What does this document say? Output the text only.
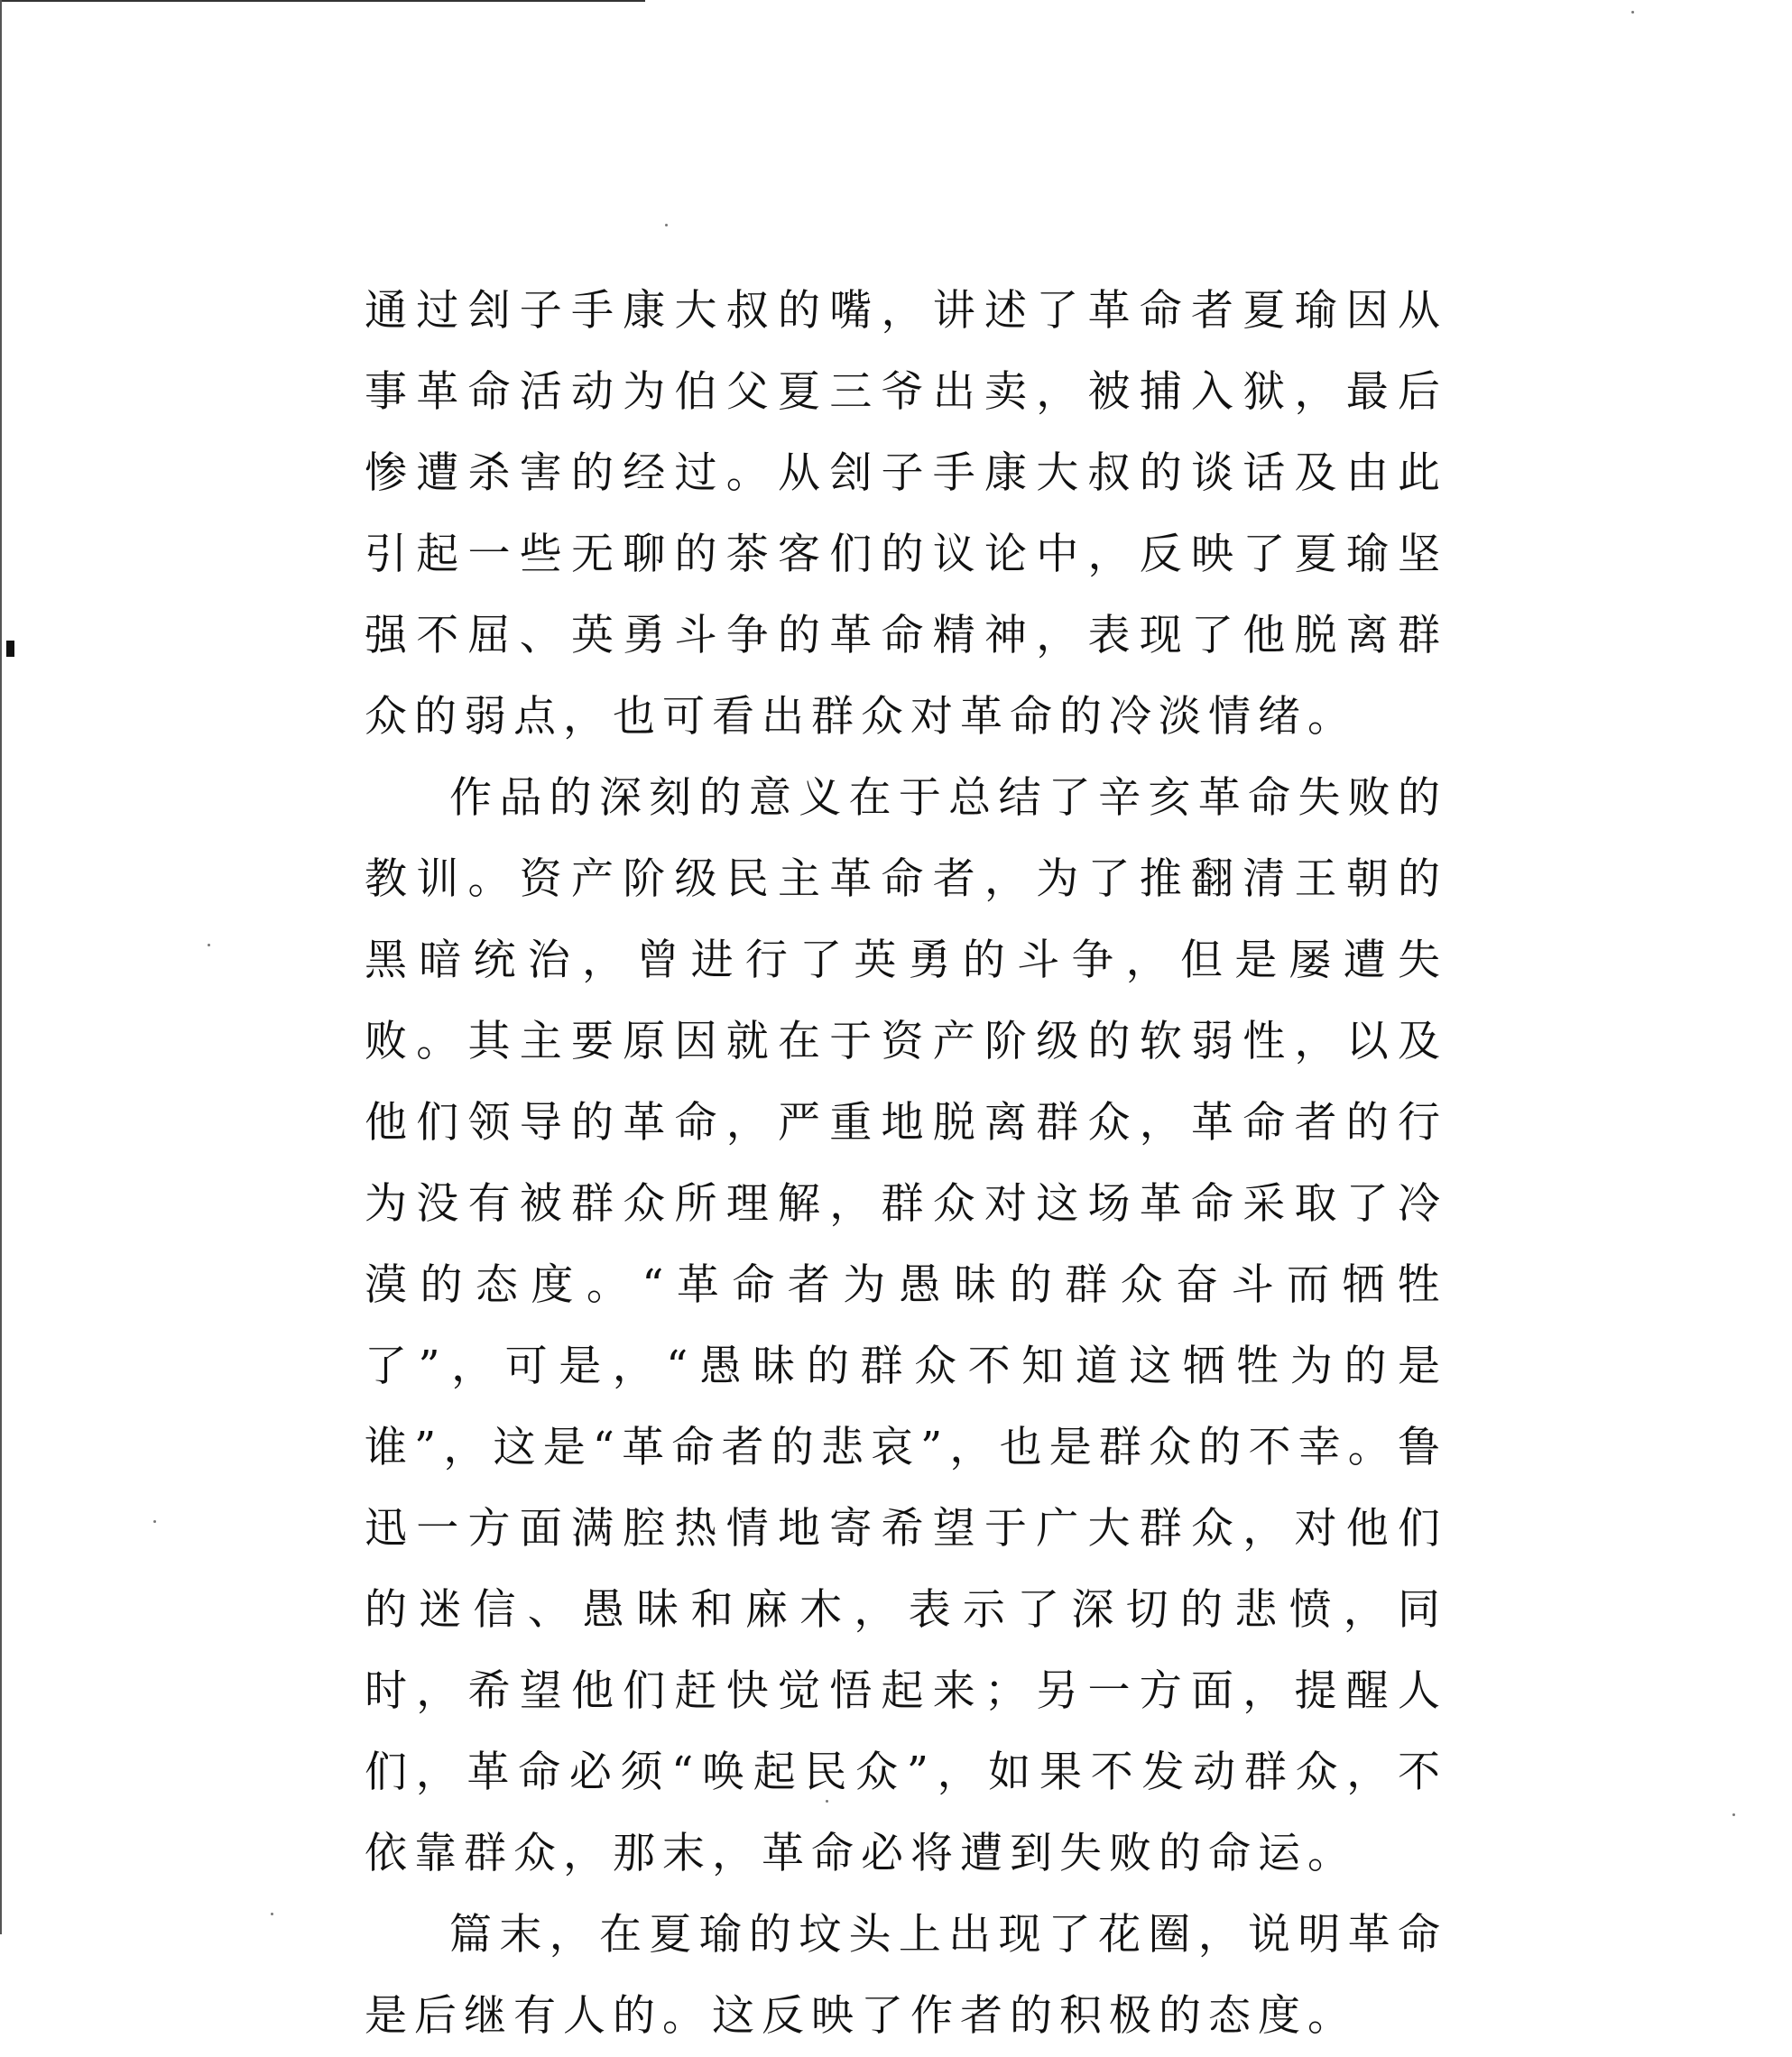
通过刽子手康大叔的嘴，讲述了革命者夏瑜因从事革命活动为伯父夏三爷出卖，被捕入狱，最后惨遭杀害的经过。从刽子手康大叔的谈话及由此引起一些无聊的茶客们的议论中，反映了夏瑜坚强不屈、英勇斗争的革命精神，表现了他脱离群众的弱点，也可看出群众对革命的冷淡情绪。

作品的深刻的意义在于总结了辛亥革命失败的教训。资产阶级民主革命者，为了推翻清王朝的黑暗统治，曾进行了英勇的斗争，但是屡遭失败。其主要原因就在于资产阶级的软弱性，以及他们领导的革命，严重地脱离群众，革命者的行为没有被群众所理解，群众对这场革命采取了冷漠的态度。“革命者为愚昧的群众奋斗而牺牲了”，可是，“愚昧的群众不知道这牺牲为的是谁”，这是“革命者的悲哀”，也是群众的不幸。鲁迅一方面满腔热情地寄希望于广大群众，对他们的迷信、愚昧和麻木，表示了深切的悲愤，同时，希望他们赶快觉悟起来；另一方面，提醒人们，革命必须“唤起民众”，如果不发动群众，不依靠群众，那末，革命必将遭到失败的命运。

篇末，在夏瑜的坟头上出现了花圈，说明革命是后继有人的。这反映了作者的积极的态度。
